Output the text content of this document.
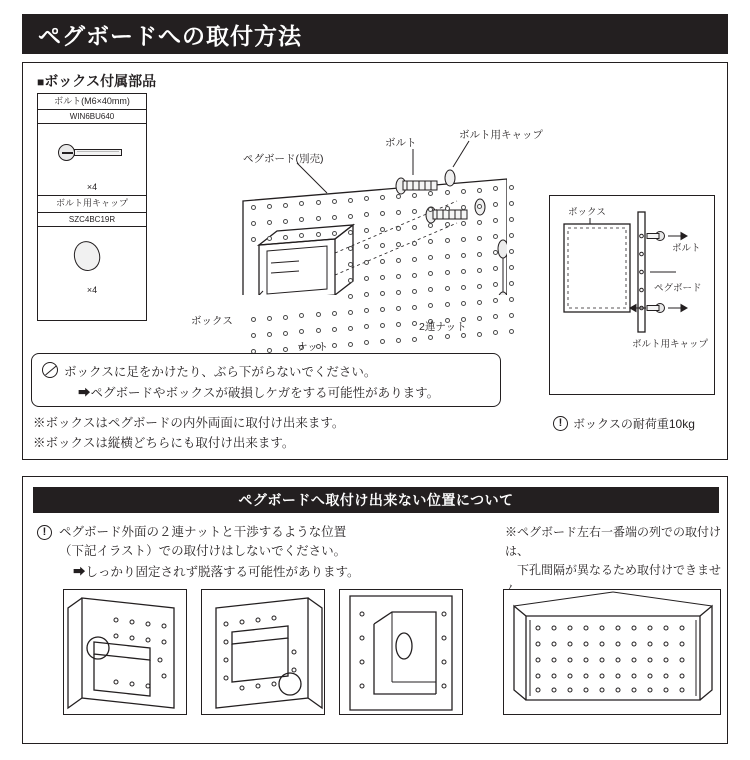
ペグボードへの取付方法
■ボックス付属部品
ボルト(M6×40mm)
WIN6BU640
×4
ボルト用キャップ
SZC4BC19R
×4
ペグボード(別売)
ボルト
ボルト用キャップ
ボックス
ナット
2連ナット
ボックス
ボルト
ペグボード
ボルト用キャップ
ボックスに足をかけたり、ぶら下がらないでください。
➡ペグボードやボックスが破損しケガをする可能性があります。
※ボックスはペグボードの内外両面に取付け出来ます。
※ボックスは縦横どちらにも取付け出来ます。
!
ボックスの耐荷重10kg
ペグボードへ取付け出来ない位置について
!
ペグボード外面の２連ナットと干渉するような位置
（下記イラスト）での取付けはしないでください。
➡しっかり固定されず脱落する可能性があります。
※ペグボード左右一番端の列での取付けは、
　下孔間隔が異なるため取付けできませ
